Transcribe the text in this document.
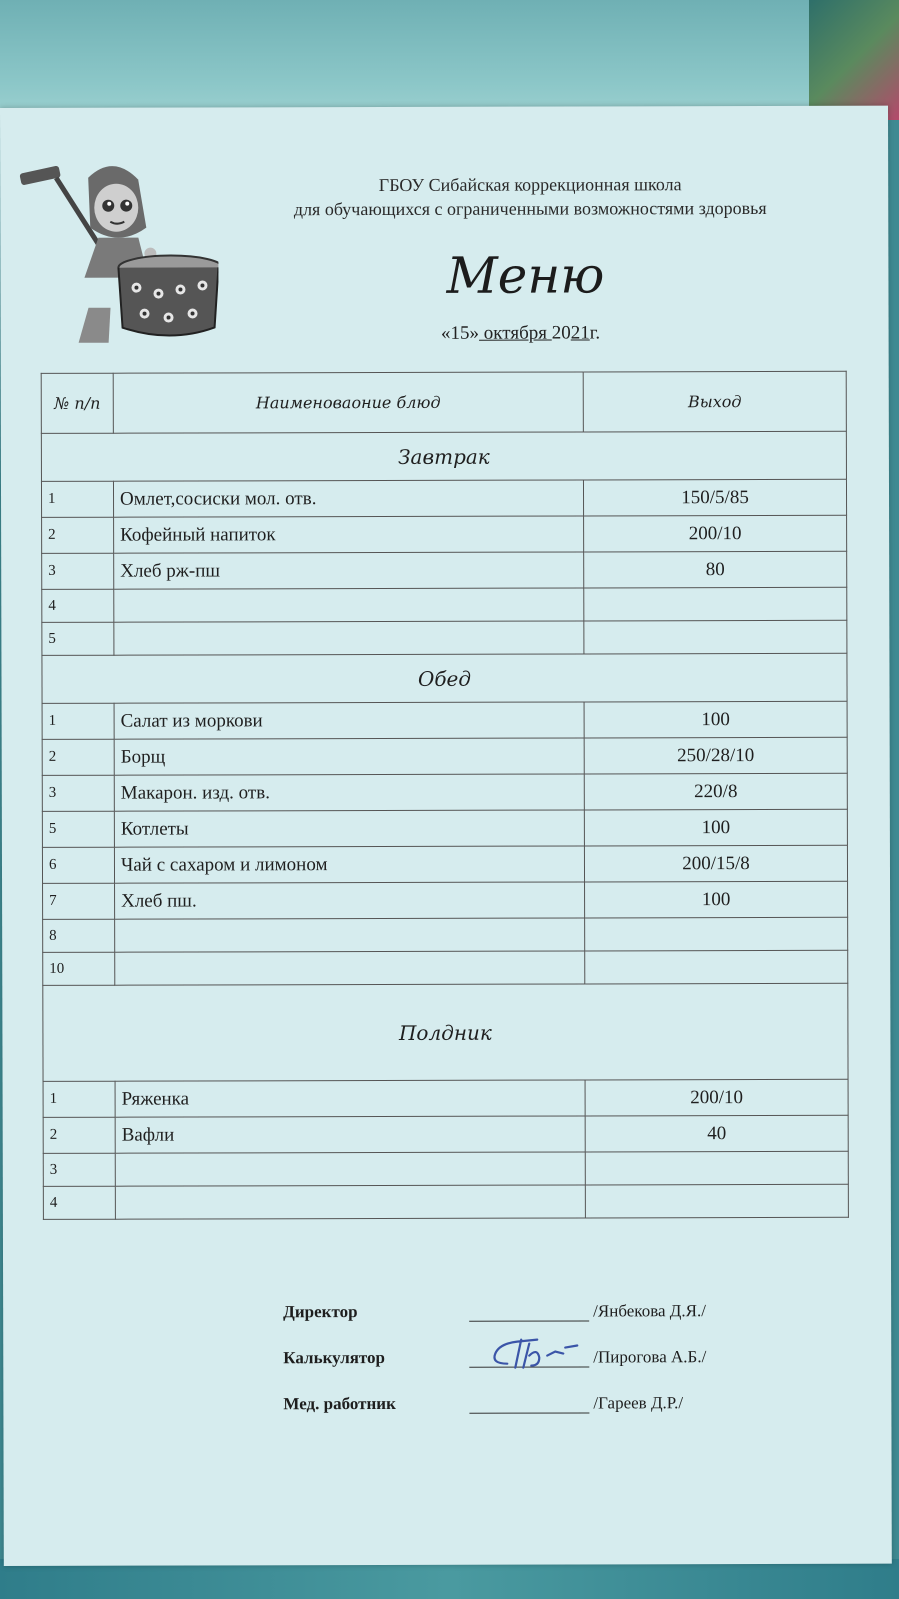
ГБОУ Сибайская коррекционная школа
для обучающихся с ограниченными возможностями здоровья
Меню
«15» октября 2021г.
№ п/п	Наименоваоние блюд	Выход
Завтрак		
1	Омлет,сосиски мол. отв.	150/5/85
2	Кофейный напиток	200/10
3	Хлеб рж-пш	80
4		
5		
Обед		
1	Салат из моркови	100
2	Борщ	250/28/10
3	Макарон. изд. отв.	220/8
5	Котлеты	100
6	Чай с сахаром и лимоном	200/15/8
7	Хлеб пш.	100
8		
10		
Полдник		
1	Ряженка	200/10
2	Вафли	40
3		
4		
Директор	/Янбекова Д.Я./
Калькулятор	/Пирогова А.Б./
Мед. работник	/Гареев Д.Р./
